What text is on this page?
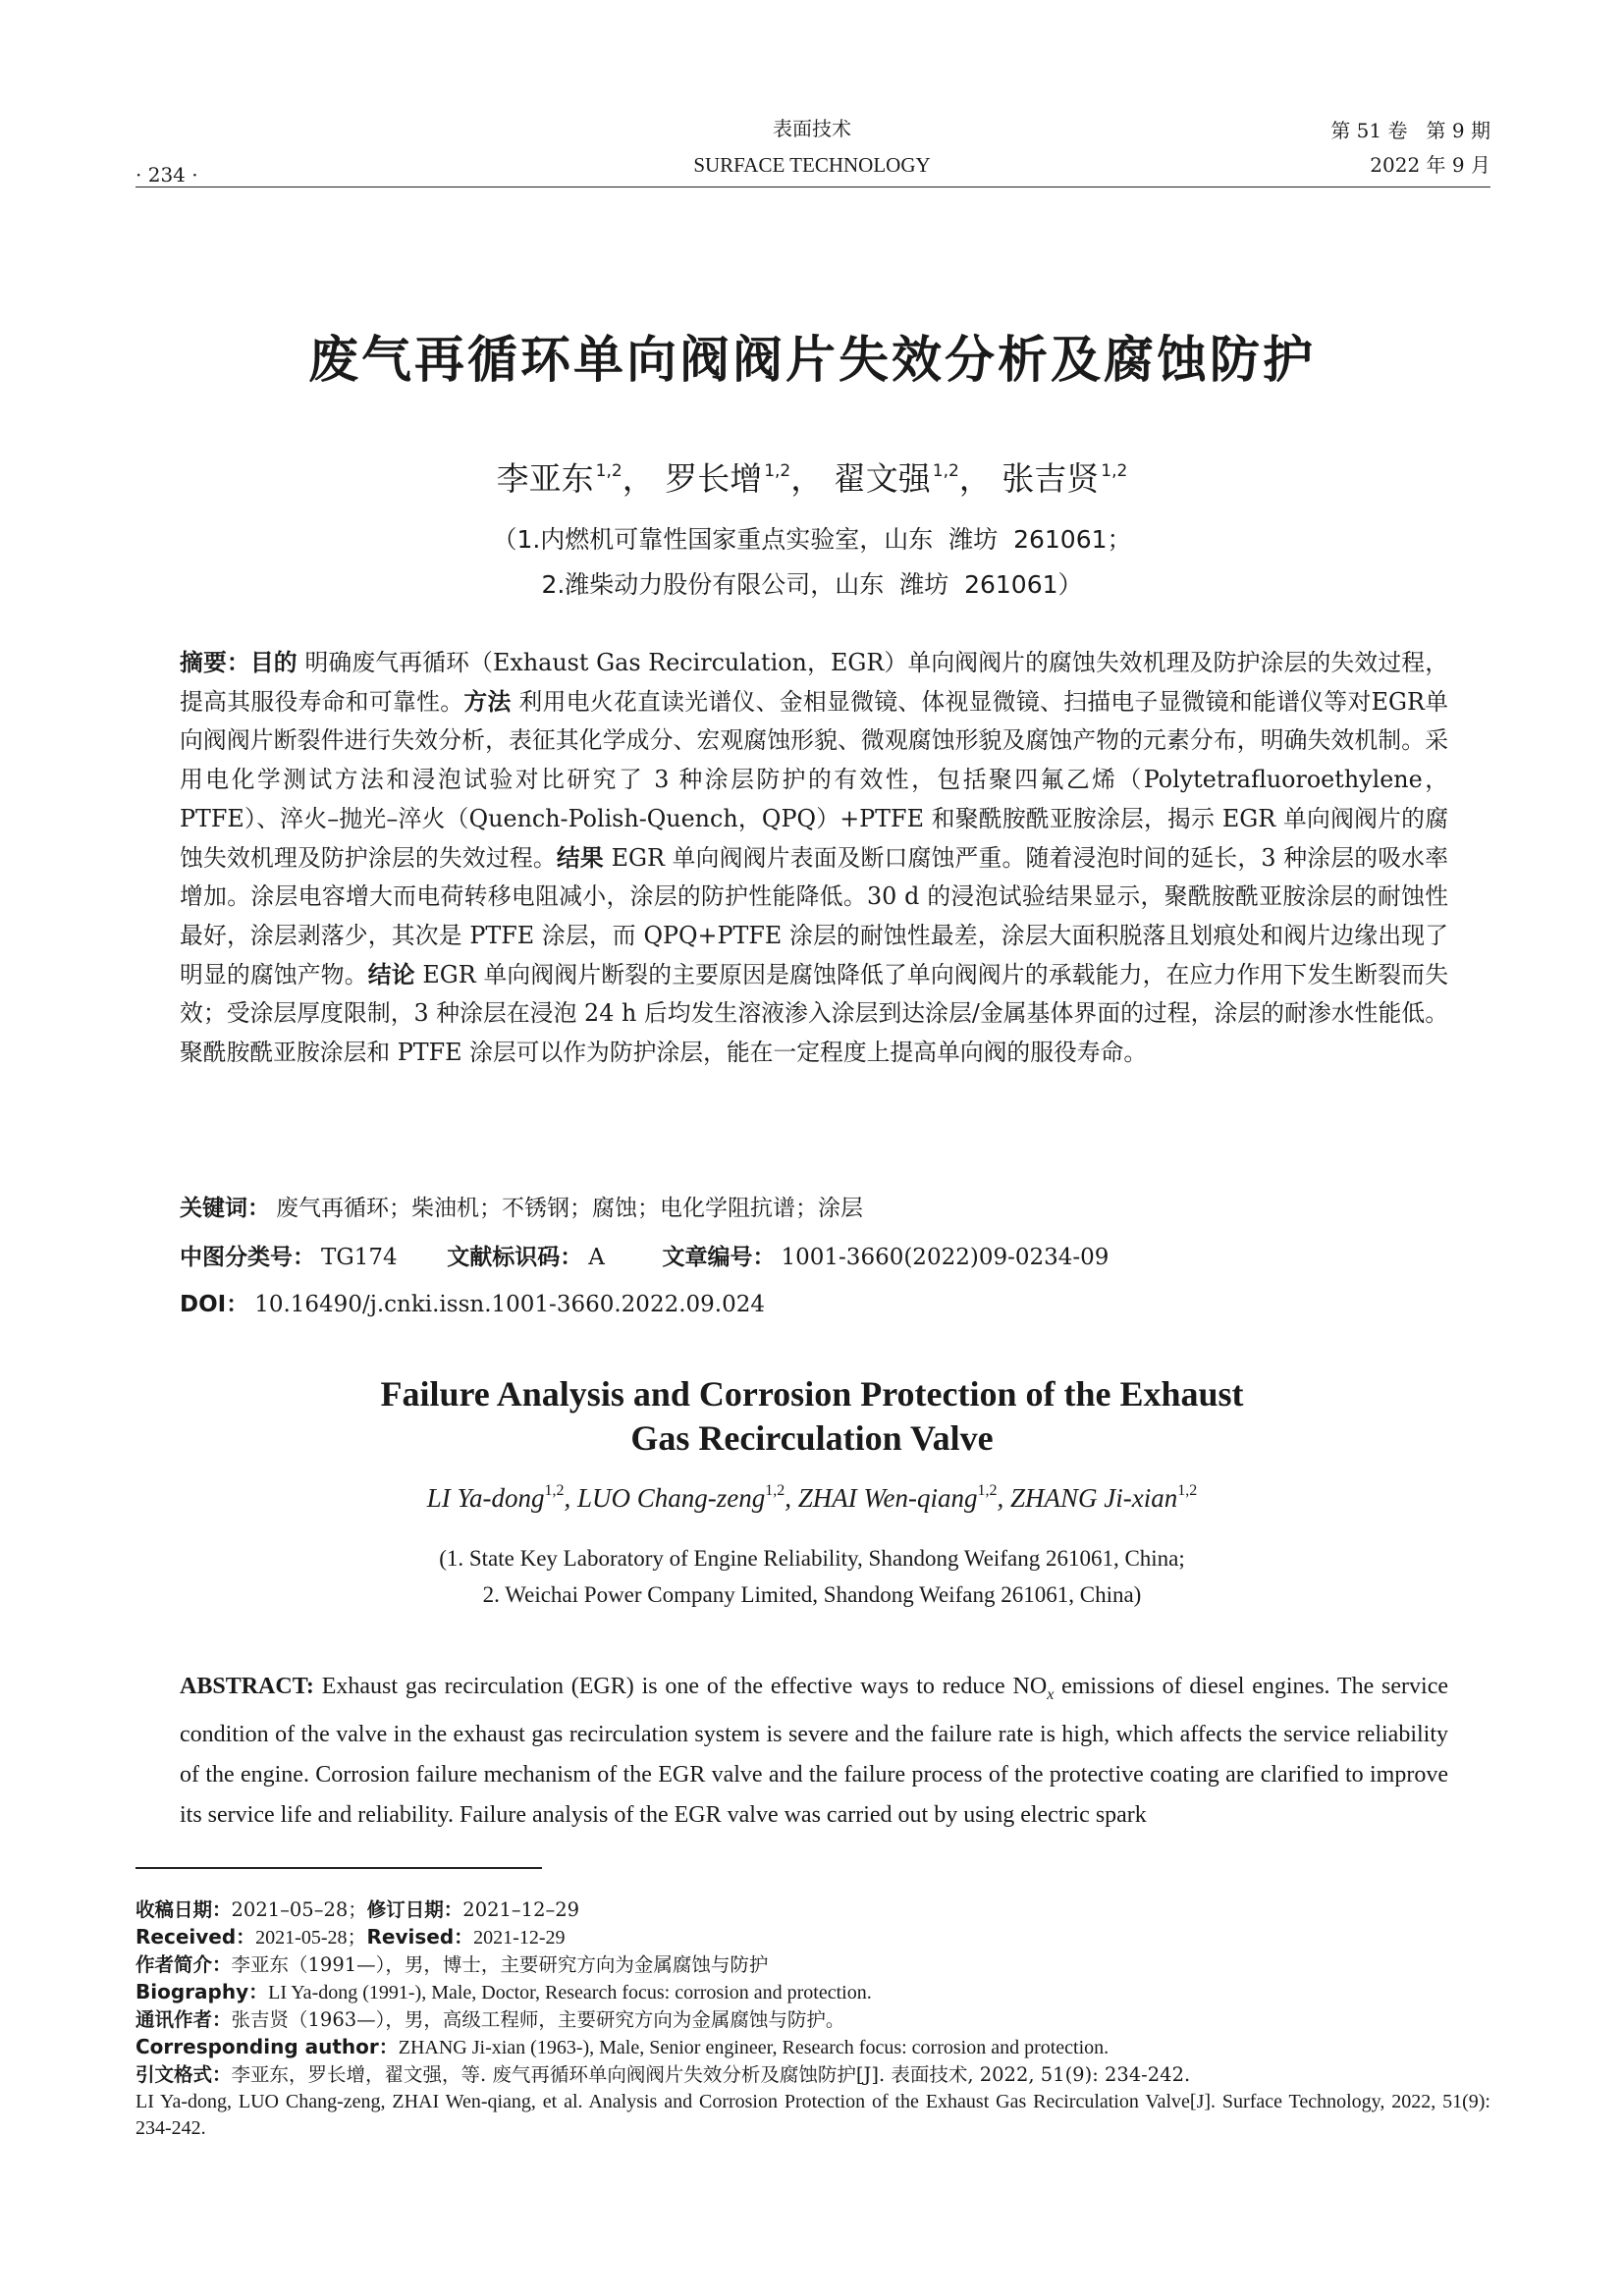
· 234 ·
表面技术
SURFACE TECHNOLOGY
第 51 卷   第 9 期
2022 年 9 月
废气再循环单向阀阀片失效分析及腐蚀防护
李亚东 $^{1,2}$， 罗长增 $^{1,2}$， 翟文强 $^{1,2}$， 张吉贤 $^{1,2}$
（1.内燃机可靠性国家重点实验室，山东  潍坊  261061；
2.潍柴动力股份有限公司，山东  潍坊  261061）

摘要：目的 明确废气再循环（Exhaust Gas Recirculation，EGR）单向阀阀片的腐蚀失效机理及防护涂层的失效过程，提高其服役寿命和可靠性。方法 利用电火花直读光谱仪、金相显微镜、体视显微镜、扫描电子显微镜和能谱仪等对EGR单向阀阀片断裂件进行失效分析，表征其化学成分、宏观腐蚀形貌、微观腐蚀形貌及腐蚀产物的元素分布，明确失效机制。采用电化学测试方法和浸泡试验对比研究了 3 种涂层防护的有效性，包括聚四氟乙烯（Polytetrafluoroethylene，PTFE）、淬火–抛光–淬火（Quench-Polish-Quench，QPQ）+PTFE 和聚酰胺酰亚胺涂层，揭示 EGR 单向阀阀片的腐蚀失效机理及防护涂层的失效过程。结果 EGR 单向阀阀片表面及断口腐蚀严重。随着浸泡时间的延长，3 种涂层的吸水率增加。涂层电容增大而电荷转移电阻减小，涂层的防护性能降低。30 d 的浸泡试验结果显示，聚酰胺酰亚胺涂层的耐蚀性最好，涂层剥落少，其次是 PTFE 涂层，而 QPQ+PTFE 涂层的耐蚀性最差，涂层大面积脱落且划痕处和阀片边缘出现了明显的腐蚀产物。结论 EGR 单向阀阀片断裂的主要原因是腐蚀降低了单向阀阀片的承载能力，在应力作用下发生断裂而失效；受涂层厚度限制，3 种涂层在浸泡 24 h 后均发生溶液渗入涂层到达涂层/金属基体界面的过程，涂层的耐渗水性能低。聚酰胺酰亚胺涂层和 PTFE 涂层可以作为防护涂层，能在一定程度上提高单向阀的服役寿命。

关键词： 废气再循环；柴油机；不锈钢；腐蚀；电化学阻抗谱；涂层
中图分类号： TG174 文献标识码： A	文章编号： 1001-3660(2022)09-0234-09
DOI： 10.16490/j.cnki.issn.1001-3660.2022.09.024
Failure Analysis and Corrosion Protection of the Exhaust
Gas Recirculation Valve
LI Ya-dong$^{1,2}$, LUO Chang-zeng$^{1,2}$, ZHAI Wen-qiang$^{1,2}$, ZHANG Ji-xian$^{1,2}$
(1. State Key Laboratory of Engine Reliability, Shandong Weifang 261061, China;
2. Weichai Power Company Limited, Shandong Weifang 261061, China)

ABSTRACT: Exhaust gas recirculation (EGR) is one of the effective ways to reduce $NO_x$ emissions of diesel engines. The service condition of the valve in the exhaust gas recirculation system is severe and the failure rate is high, which affects the service reliability of the engine. Corrosion failure mechanism of the EGR valve and the failure process of the protective coating are clarified to improve its service life and reliability. Failure analysis of the EGR valve was carried out by using electric spark

收稿日期：2021–05–28；修订日期：2021–12–29
Received：2021-05-28；Revised：2021-12-29
作者简介：李亚东（1991—），男，博士，主要研究方向为金属腐蚀与防护
Biography：LI Ya-dong (1991-), Male, Doctor, Research focus: corrosion and protection.
通讯作者：张吉贤（1963—），男，高级工程师，主要研究方向为金属腐蚀与防护。
Corresponding author：ZHANG Ji-xian (1963-), Male, Senior engineer, Research focus: corrosion and protection.
引文格式：李亚东，罗长增，翟文强，等. 废气再循环单向阀阀片失效分析及腐蚀防护[J]. 表面技术, 2022, 51(9): 234-242.
LI Ya-dong, LUO Chang-zeng, ZHAI Wen-qiang, et al. Analysis and Corrosion Protection of the Exhaust Gas Recirculation Valve[J]. Surface Technology, 2022, 51(9): 234-242.
